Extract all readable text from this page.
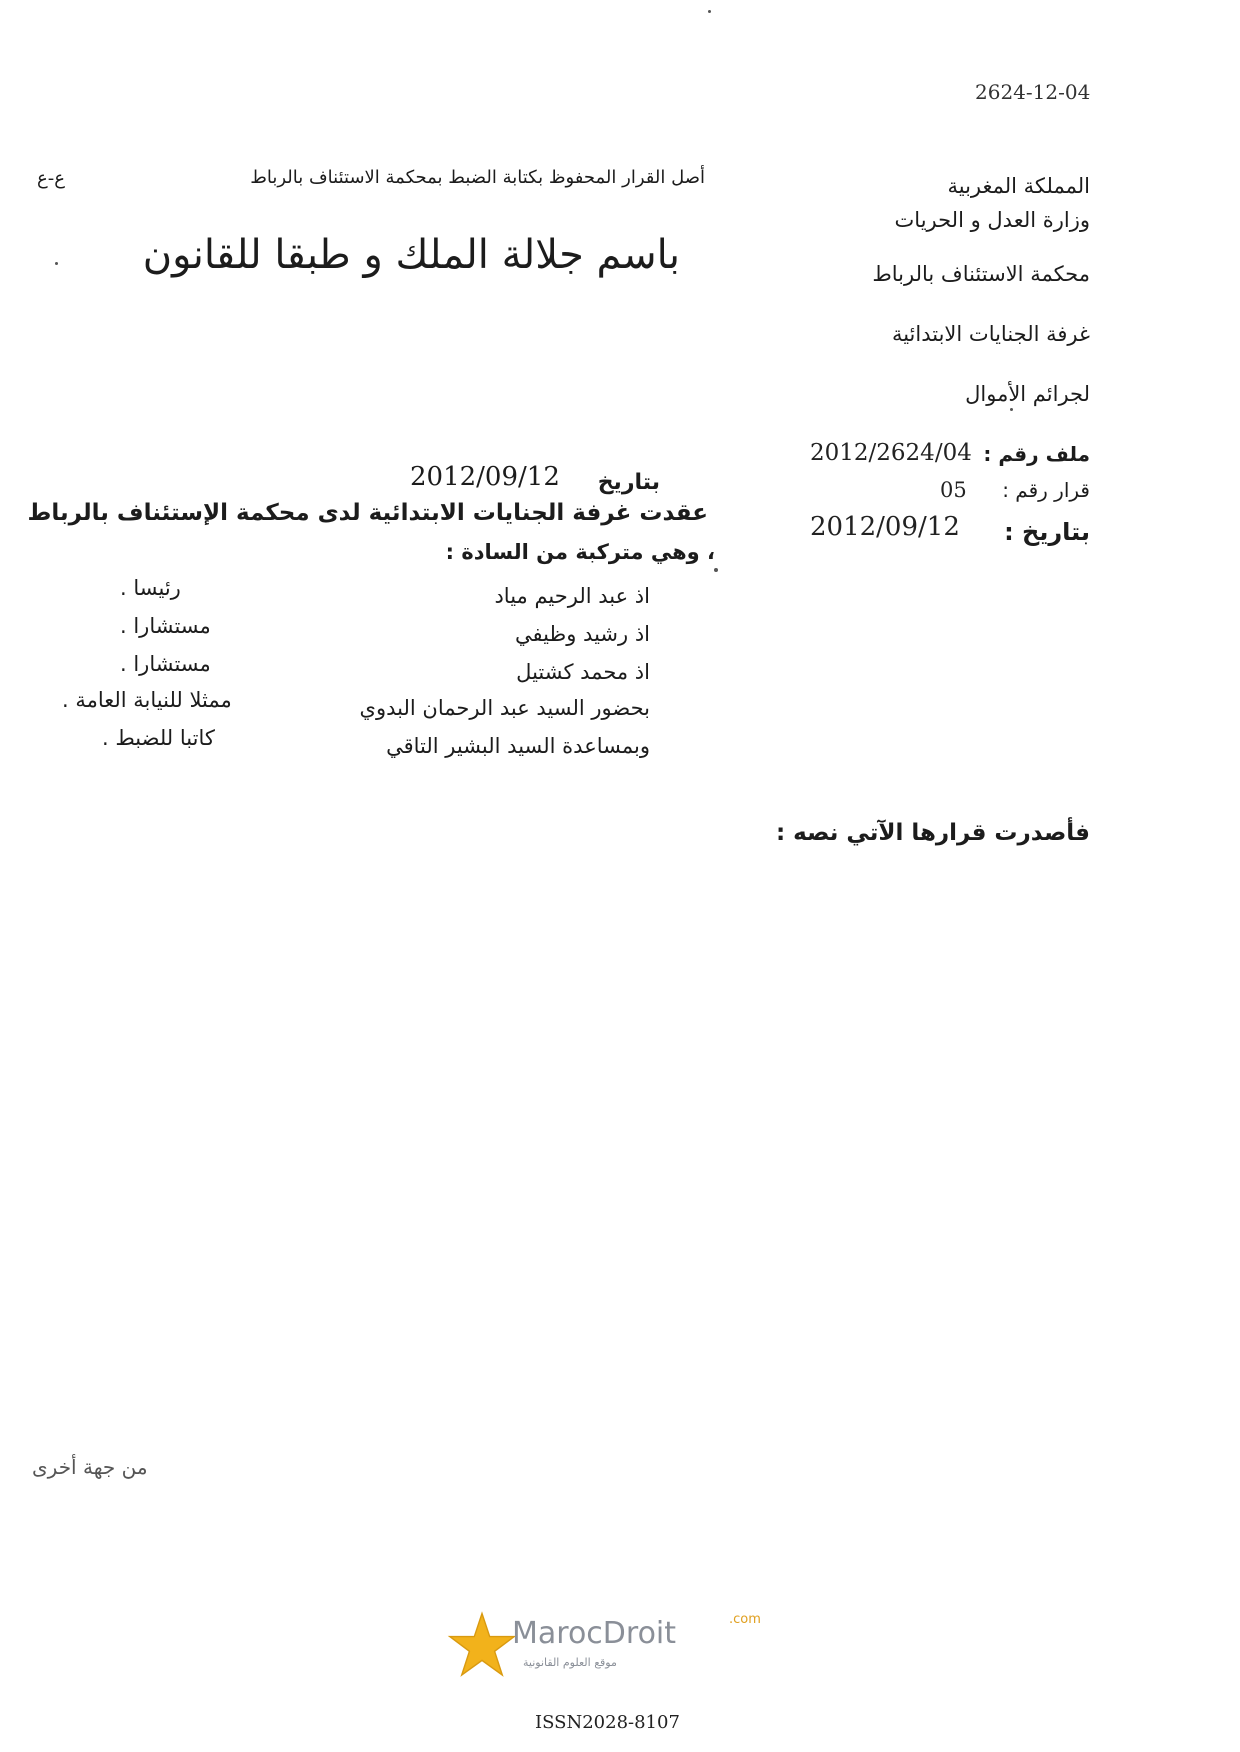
2624-12-04
أصل القرار المحفوظ بكتابة الضبط بمحكمة الاستئناف بالرباط
ع-ع
باسم جلالة الملك و طبقا للقانون
المملكة المغربية
وزارة العدل و الحريات
محكمة الاستئناف بالرباط
غرفة الجنايات الابتدائية
لجرائم الأموال
ملف رقم :
2012/2624/04
قرار رقم :
05
بتاريخ :
2012/09/12
بتاريخ
2012/09/12
عقدت غرفة الجنايات الابتدائية لدى محكمة الإستئناف بالرباط
، وهي متركبة من السادة :
اذ عبد الرحيم مياد
رئيسا .
اذ رشيد وظيفي
مستشارا .
اذ محمد كشتيل
مستشارا .
بحضور السيد عبد الرحمان البدوي
ممثلا للنيابة العامة .
وبمساعدة السيد البشير التاقي
كاتبا للضبط .
فأصدرت قرارها الآتي نصه :
من جهة أخرى
MarocDroit	.com
موقع العلوم القانونية
ISSN2028-8107
